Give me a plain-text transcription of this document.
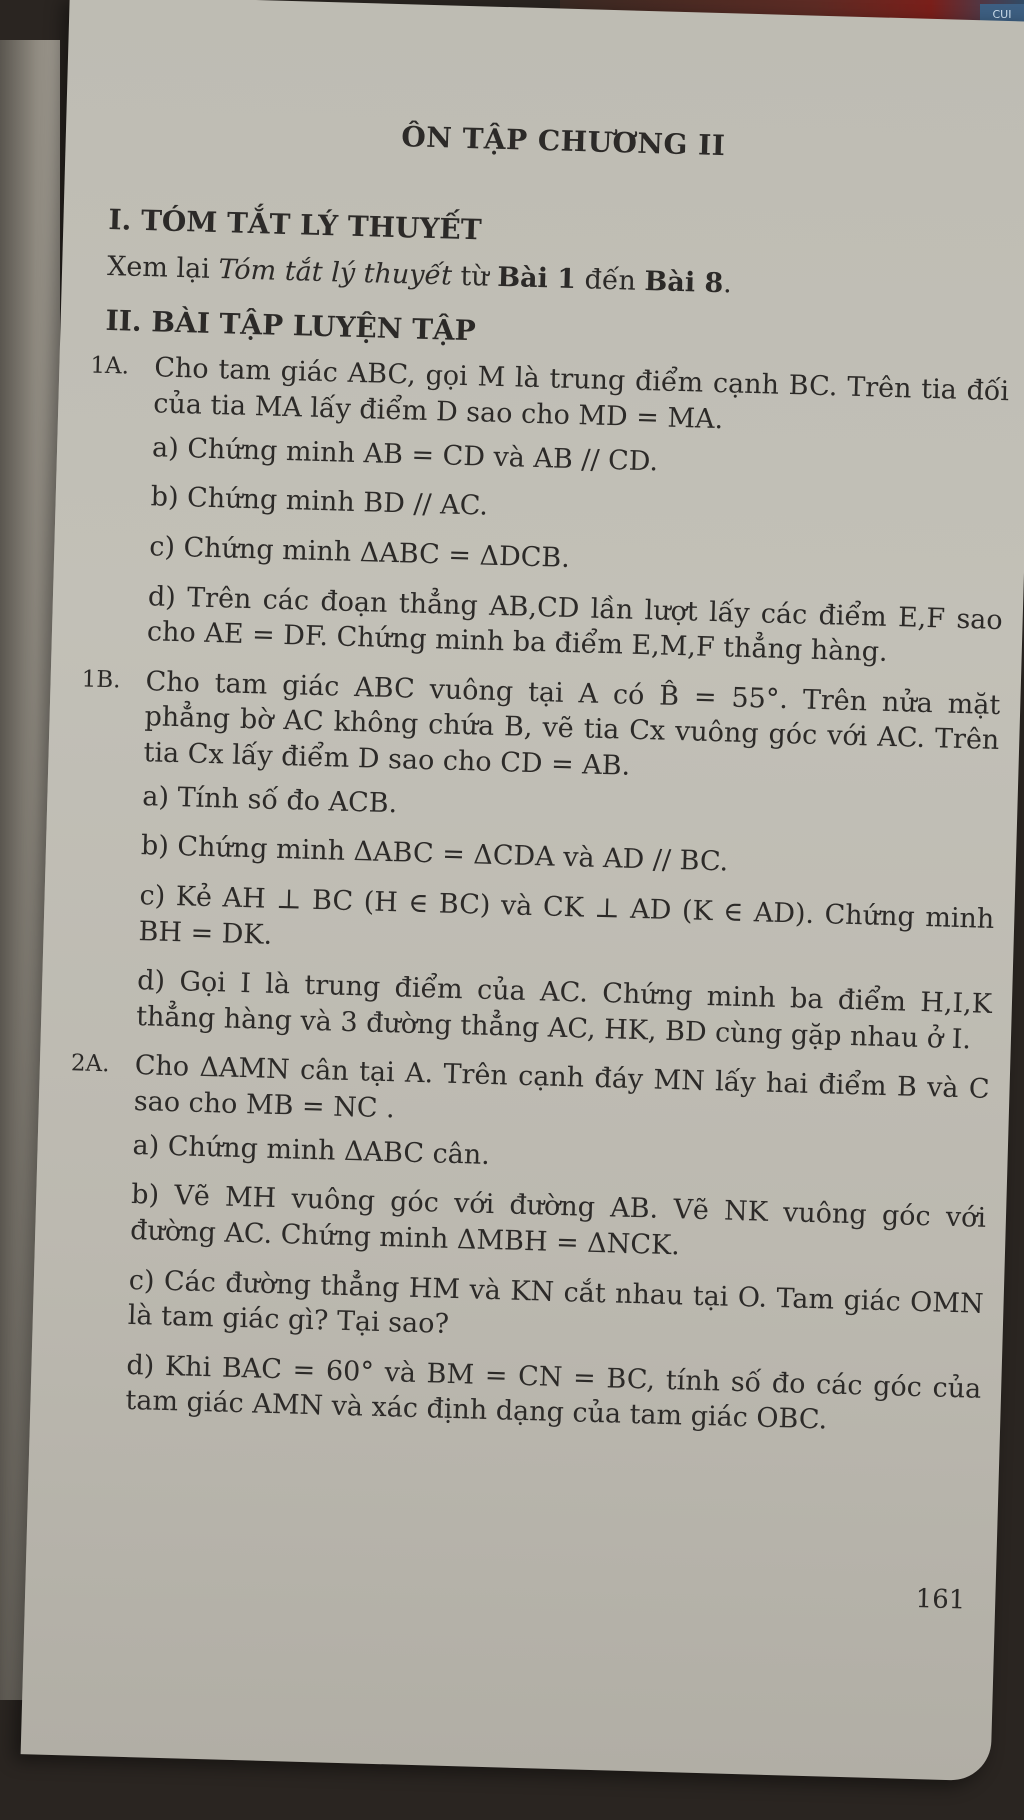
CUI
ÔN TẬP CHƯƠNG II
I. TÓM TẮT LÝ THUYẾT
Xem lại Tóm tắt lý thuyết từ Bài 1 đến Bài 8.
II. BÀI TẬP LUYỆN TẬP
1A. Cho tam giác ABC, gọi M là trung điểm cạnh BC. Trên tia đối của tia MA lấy điểm D sao cho MD = MA.
a) Chứng minh AB = CD và AB // CD.
b) Chứng minh BD // AC.
c) Chứng minh ΔABC = ΔDCB.
d) Trên các đoạn thẳng AB,CD lần lượt lấy các điểm E,F sao cho AE = DF. Chứng minh ba điểm E,M,F thẳng hàng.
1B. Cho tam giác ABC vuông tại A có B̂ = 55°. Trên nửa mặt phẳng bờ AC không chứa B, vẽ tia Cx vuông góc với AC. Trên tia Cx lấy điểm D sao cho CD = AB.
a) Tính số đo ACB.
b) Chứng minh ΔABC = ΔCDA và AD // BC.
c) Kẻ AH ⊥ BC (H ∈ BC) và CK ⊥ AD (K ∈ AD). Chứng minh BH = DK.
d) Gọi I là trung điểm của AC. Chứng minh ba điểm H,I,K thẳng hàng và 3 đường thẳng AC, HK, BD cùng gặp nhau ở I.
2A. Cho ΔAMN cân tại A. Trên cạnh đáy MN lấy hai điểm B và C sao cho MB = NC .
a) Chứng minh ΔABC cân.
b) Vẽ MH vuông góc với đường AB. Vẽ NK vuông góc với đường AC. Chứng minh ΔMBH = ΔNCK.
c) Các đường thẳng HM và KN cắt nhau tại O. Tam giác OMN là tam giác gì? Tại sao?
d) Khi BAC = 60° và BM = CN = BC, tính số đo các góc của tam giác AMN và xác định dạng của tam giác OBC.
161
